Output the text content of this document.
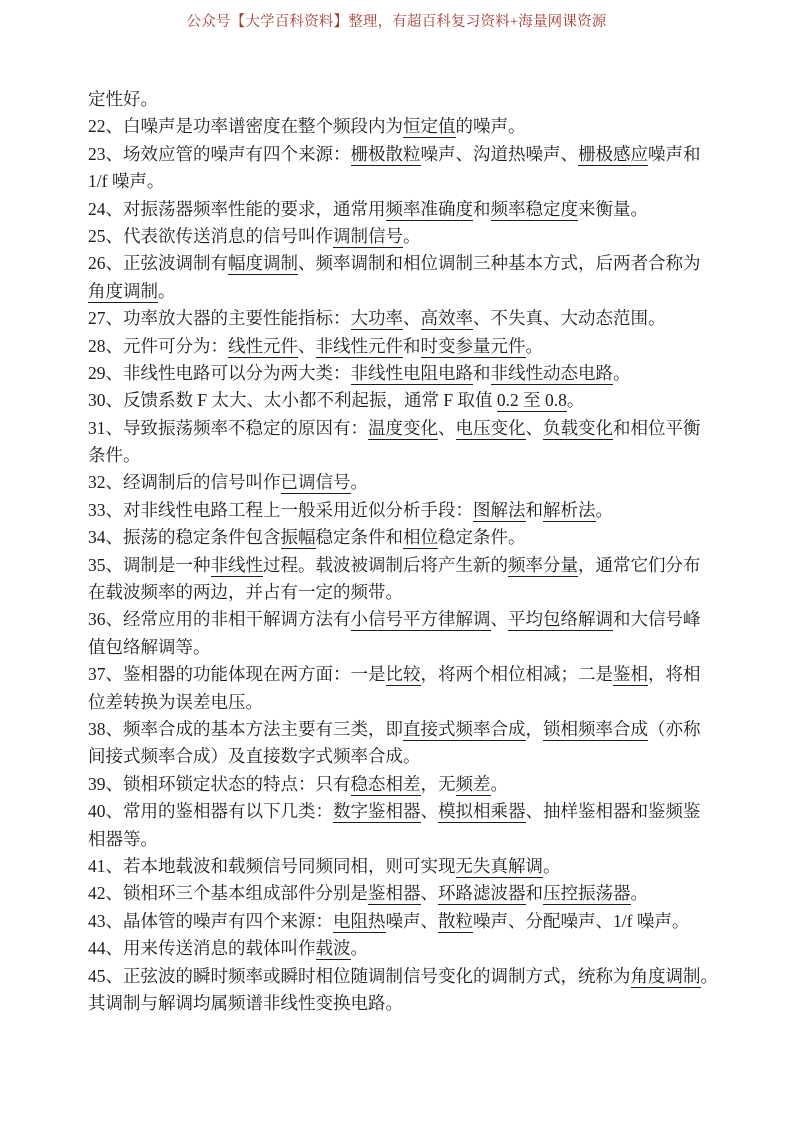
公众号【大学百科资料】整理，有超百科复习资料+海量网课资源
定性好。
22、白噪声是功率谱密度在整个频段内为恒定值的噪声。
23、场效应管的噪声有四个来源：栅极散粒噪声、沟道热噪声、栅极感应噪声和
1/f 噪声。
24、对振荡器频率性能的要求，通常用频率准确度和频率稳定度来衡量。
25、代表欲传送消息的信号叫作调制信号。
26、正弦波调制有幅度调制、频率调制和相位调制三种基本方式，后两者合称为
角度调制。
27、功率放大器的主要性能指标：大功率、高效率、不失真、大动态范围。
28、元件可分为：线性元件、非线性元件和时变参量元件。
29、非线性电路可以分为两大类：非线性电阻电路和非线性动态电路。
30、反馈系数 F 太大、太小都不利起振，通常 F 取值 0.2 至 0.8。
31、导致振荡频率不稳定的原因有：温度变化、电压变化、负载变化和相位平衡
条件。
32、经调制后的信号叫作已调信号。
33、对非线性电路工程上一般采用近似分析手段：图解法和解析法。
34、振荡的稳定条件包含振幅稳定条件和相位稳定条件。
35、调制是一种非线性过程。载波被调制后将产生新的频率分量，通常它们分布
在载波频率的两边，并占有一定的频带。
36、经常应用的非相干解调方法有小信号平方律解调、平均包络解调和大信号峰
值包络解调等。
37、鉴相器的功能体现在两方面：一是比较，将两个相位相减；二是鉴相，将相
位差转换为误差电压。
38、频率合成的基本方法主要有三类，即直接式频率合成，锁相频率合成（亦称
间接式频率合成）及直接数字式频率合成。
39、锁相环锁定状态的特点：只有稳态相差，无频差。
40、常用的鉴相器有以下几类：数字鉴相器、模拟相乘器、抽样鉴相器和鉴频鉴
相器等。
41、若本地载波和载频信号同频同相，则可实现无失真解调。
42、锁相环三个基本组成部件分别是鉴相器、环路滤波器和压控振荡器。
43、晶体管的噪声有四个来源：电阻热噪声、散粒噪声、分配噪声、1/f 噪声。
44、用来传送消息的载体叫作载波。
45、正弦波的瞬时频率或瞬时相位随调制信号变化的调制方式，统称为角度调制。
其调制与解调均属频谱非线性变换电路。
